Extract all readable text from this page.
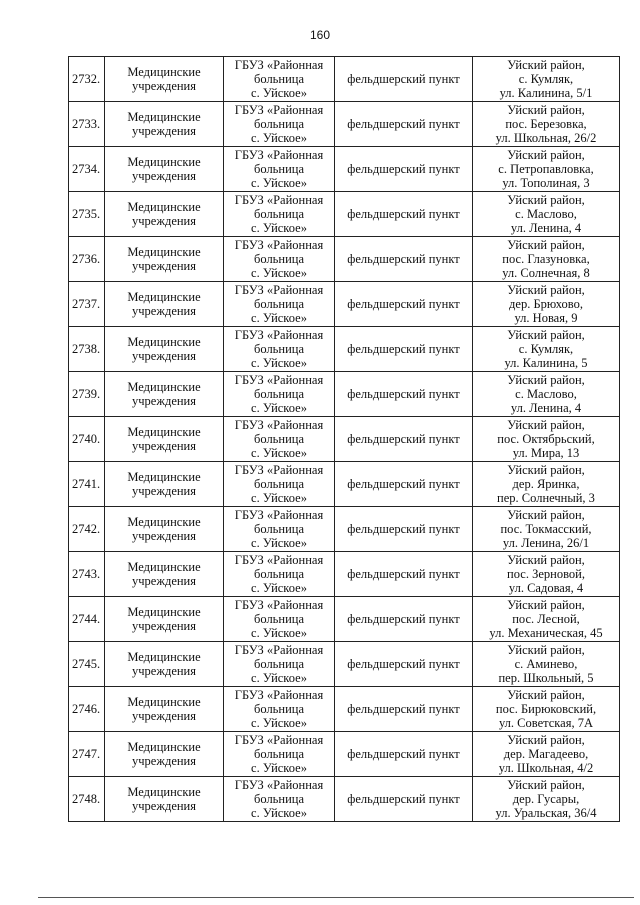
160
2732.	Медицинские
учреждения	ГБУЗ «Районная
больница
с. Уйское»	фельдшерский пункт	Уйский район,
с. Кумляк,
ул. Калинина, 5/1

2733.	Медицинские
учреждения	ГБУЗ «Районная
больница
с. Уйское»	фельдшерский пункт	Уйский район,
пос. Березовка,
ул. Школьная, 26/2

2734.	Медицинские
учреждения	ГБУЗ «Районная
больница
с. Уйское»	фельдшерский пункт	Уйский район,
с. Петропавловка,
ул. Тополиная, 3

2735.	Медицинские
учреждения	ГБУЗ «Районная
больница
с. Уйское»	фельдшерский пункт	Уйский район,
с. Маслово,
ул. Ленина, 4

2736.	Медицинские
учреждения	ГБУЗ «Районная
больница
с. Уйское»	фельдшерский пункт	Уйский район,
пос. Глазуновка,
ул. Солнечная, 8

2737.	Медицинские
учреждения	ГБУЗ «Районная
больница
с. Уйское»	фельдшерский пункт	Уйский район,
дер. Брюхово,
ул. Новая, 9

2738.	Медицинские
учреждения	ГБУЗ «Районная
больница
с. Уйское»	фельдшерский пункт	Уйский район,
с. Кумляк,
ул. Калинина, 5

2739.	Медицинские
учреждения	ГБУЗ «Районная
больница
с. Уйское»	фельдшерский пункт	Уйский район,
с. Маслово,
ул. Ленина, 4

2740.	Медицинские
учреждения	ГБУЗ «Районная
больница
с. Уйское»	фельдшерский пункт	Уйский район,
пос. Октябрьский,
ул. Мира, 13

2741.	Медицинские
учреждения	ГБУЗ «Районная
больница
с. Уйское»	фельдшерский пункт	Уйский район,
дер. Яринка,
пер. Солнечный, 3

2742.	Медицинские
учреждения	ГБУЗ «Районная
больница
с. Уйское»	фельдшерский пункт	Уйский район,
пос. Токмасский,
ул. Ленина, 26/1

2743.	Медицинские
учреждения	ГБУЗ «Районная
больница
с. Уйское»	фельдшерский пункт	Уйский район,
пос. Зерновой,
ул. Садовая, 4

2744.	Медицинские
учреждения	ГБУЗ «Районная
больница
с. Уйское»	фельдшерский пункт	Уйский район,
пос. Лесной,
ул. Механическая, 45

2745.	Медицинские
учреждения	ГБУЗ «Районная
больница
с. Уйское»	фельдшерский пункт	Уйский район,
с. Аминево,
пер. Школьный, 5

2746.	Медицинские
учреждения	ГБУЗ «Районная
больница
с. Уйское»	фельдшерский пункт	Уйский район,
пос. Бирюковский,
ул. Советская, 7А

2747.	Медицинские
учреждения	ГБУЗ «Районная
больница
с. Уйское»	фельдшерский пункт	Уйский район,
дер. Магадеево,
ул. Школьная, 4/2

2748.	Медицинские
учреждения	ГБУЗ «Районная
больница
с. Уйское»	фельдшерский пункт	Уйский район,
дер. Гусары,
ул. Уральская, 36/4
